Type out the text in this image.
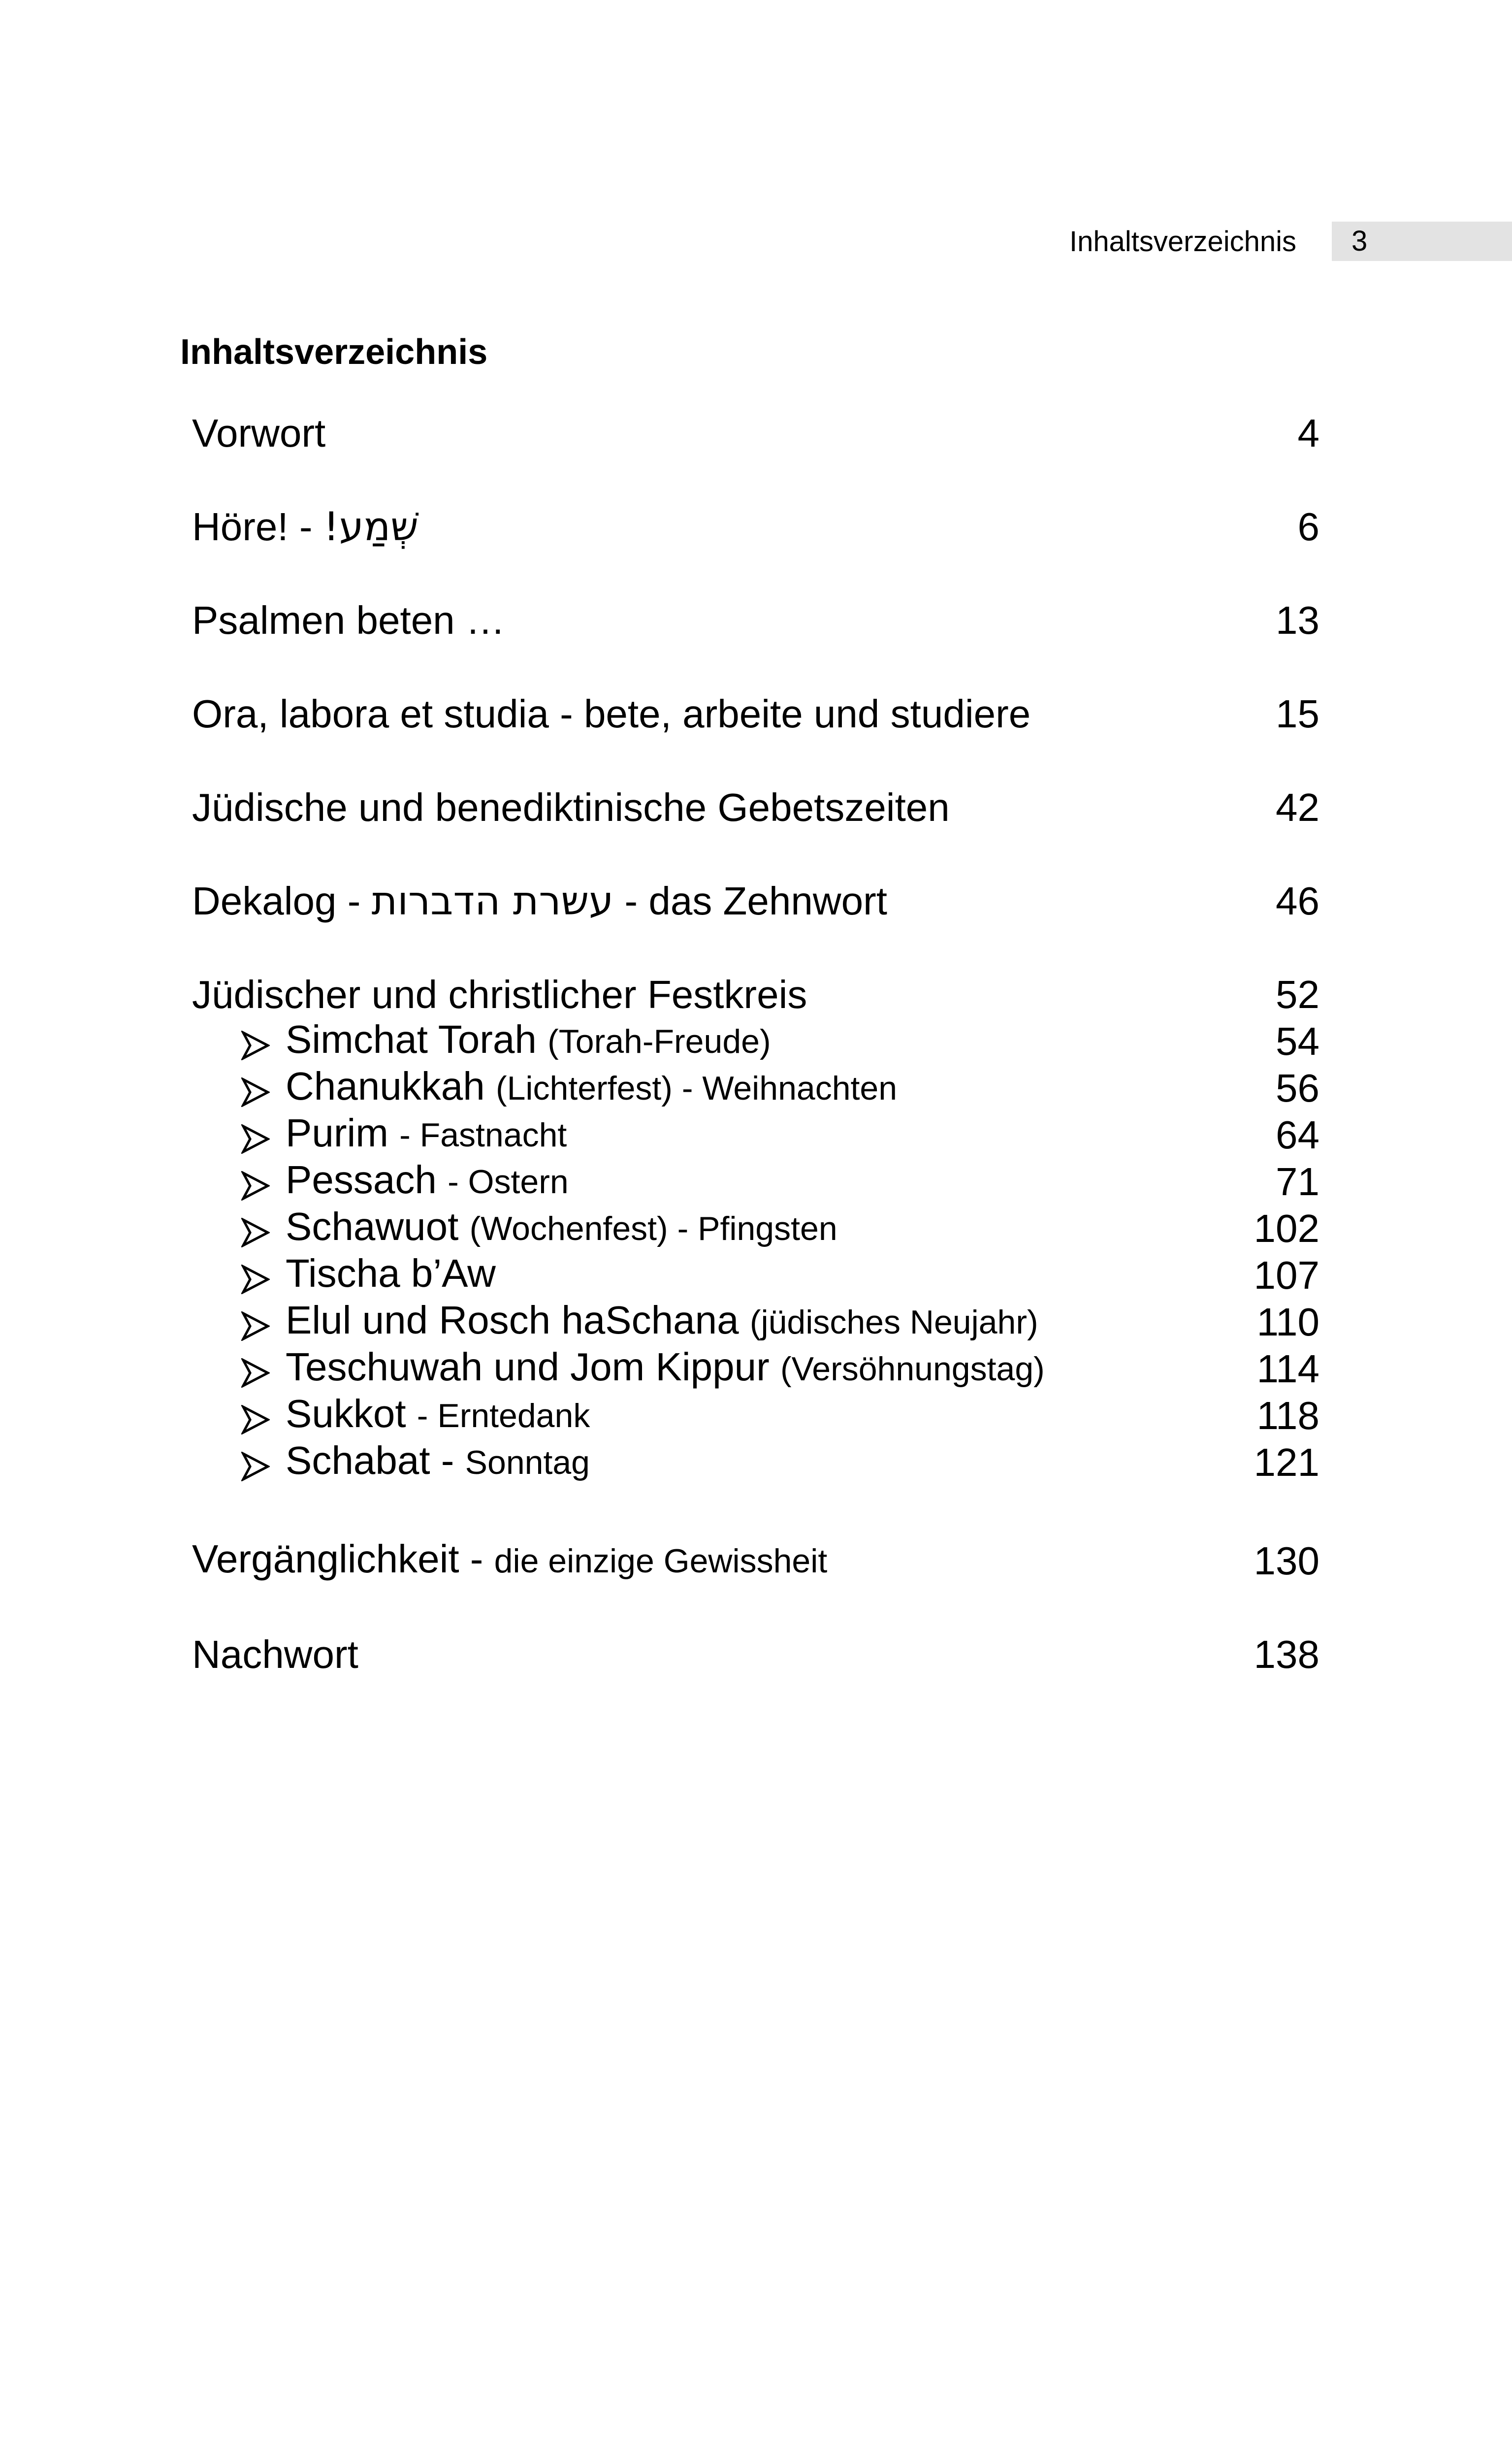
Inhaltsverzeichnis	3
Inhaltsverzeichnis
Vorwort	4
Höre! - שְׁמַע!	6
Psalmen beten …	13
Ora, labora et studia - bete, arbeite und studiere	15
Jüdische und benediktinische Gebetszeiten	42
Dekalog - עשרת הדברות - das Zehnwort	46
Jüdischer und christlicher Festkreis	52
Simchat Torah (Torah-Freude)	54
Chanukkah (Lichterfest) - Weihnachten	56
Purim - Fastnacht	64
Pessach - Ostern	71
Schawuot (Wochenfest) - Pfingsten	102
Tischa b’Aw	107
Elul und Rosch haSchana (jüdisches Neujahr)	110
Teschuwah und Jom Kippur (Versöhnungstag)	114
Sukkot - Erntedank	118
Schabat - Sonntag	121
Vergänglichkeit - die einzige Gewissheit	130
Nachwort	138
